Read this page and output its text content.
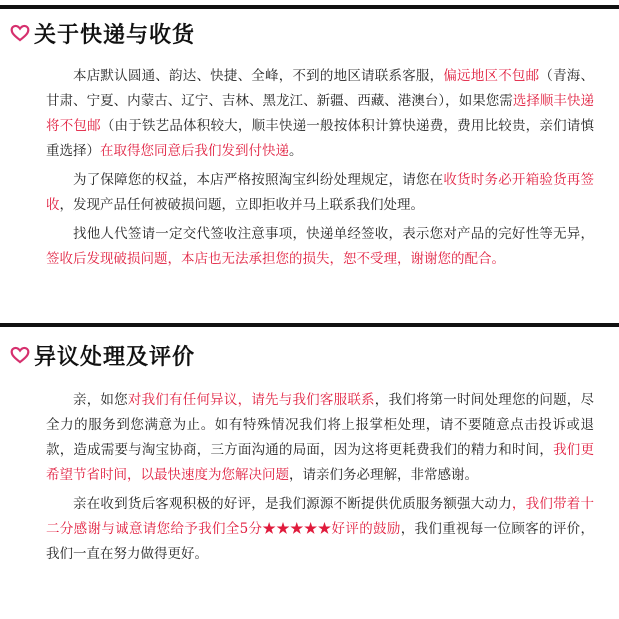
关于快递与收货

本店默认圆通、韵达、快捷、全峰，不到的地区请联系客服，偏远地区不包邮（青海、甘肃、宁夏、内蒙古、辽宁、吉林、黑龙江、新疆、西藏、港澳台），如果您需选择顺丰快递将不包邮（由于铁艺品体积较大，顺丰快递一般按体积计算快递费，费用比较贵，亲们请慎重选择）在取得您同意后我们发到付快递。

为了保障您的权益，本店严格按照淘宝纠纷处理规定，请您在收货时务必开箱验货再签收，发现产品任何被破损问题，立即拒收并马上联系我们处理。

找他人代签请一定交代签收注意事项，快递单经签收，表示您对产品的完好性等无异，签收后发现破损问题，本店也无法承担您的损失，恕不受理，谢谢您的配合。

异议处理及评价

亲，如您对我们有任何异议，请先与我们客服联系，我们将第一时间处理您的问题，尽全力的服务到您满意为止。如有特殊情况我们将上报掌柜处理，请不要随意点击投诉或退款，造成需要与淘宝协商，三方面沟通的局面，因为这将更耗费我们的精力和时间，我们更希望节省时间，以最快速度为您解决问题，请亲们务必理解，非常感谢。

亲在收到货后客观积极的好评，是我们源源不断提供优质服务额强大动力，我们带着十二分感谢与诚意请您给予我们全5分★★★★★好评的鼓励，我们重视每一位顾客的评价，我们一直在努力做得更好。
